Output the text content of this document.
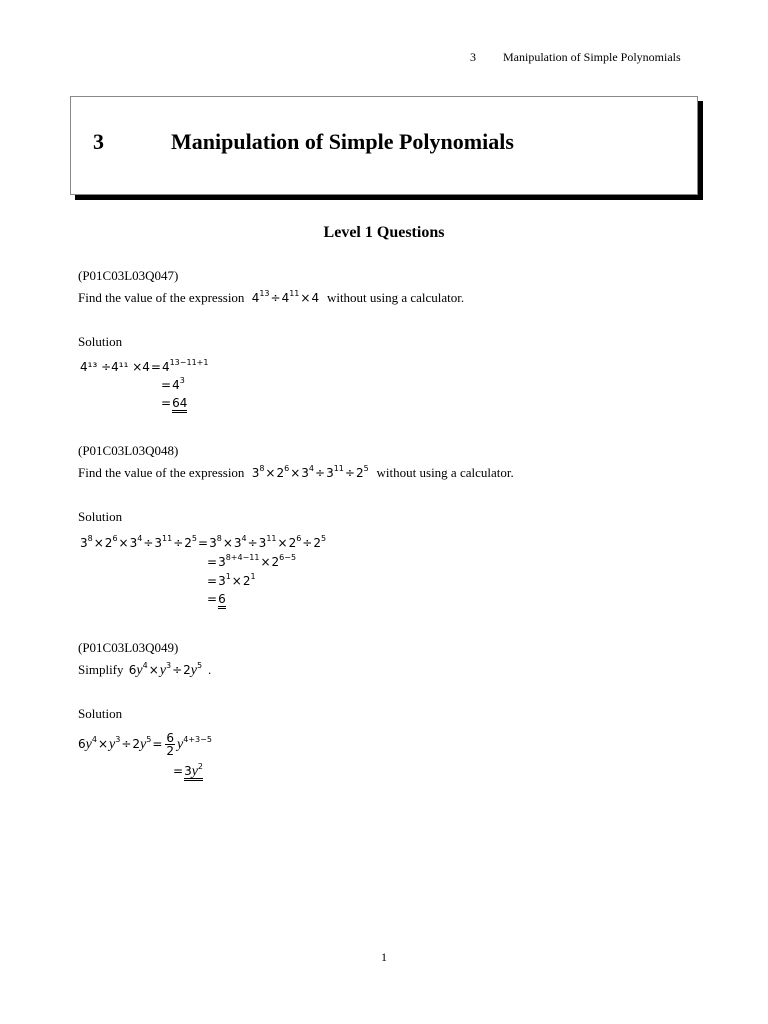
3 Manipulation of Simple Polynomials
3	Manipulation of Simple Polynomials
Level 1 Questions
(P01C03L03Q047)
Find the value of the expression $4^{13}\div 4^{11}\times 4$ without using a calculator.
Solution
$4^{13} \div 4^{11} \times 4=4^{13-11+1}$
$=4^3$
=64
(P01C03L03Q048)
Find the value of the expression $3^8\times 2^6\times 3^4\div 3^{11}\div 2^5$ without using a calculator.
Solution
$3^8\times 2^6\times 3^4\div 3^{11}\div 2^5=3^8\times 3^4\div 3^{11}\times 2^6\div 2^5$
$=3^{8+4-11}\times 2^{6-5}$
$=3^1\times 2^1$
=6
(P01C03L03Q049)
Simplify $6y^4\times y^3\div 2y^5$ .
Solution
$6y^4\times y^3\div 2y^5= \frac{6}{2} y^{4+3-5}$
$=3y^2$
1
